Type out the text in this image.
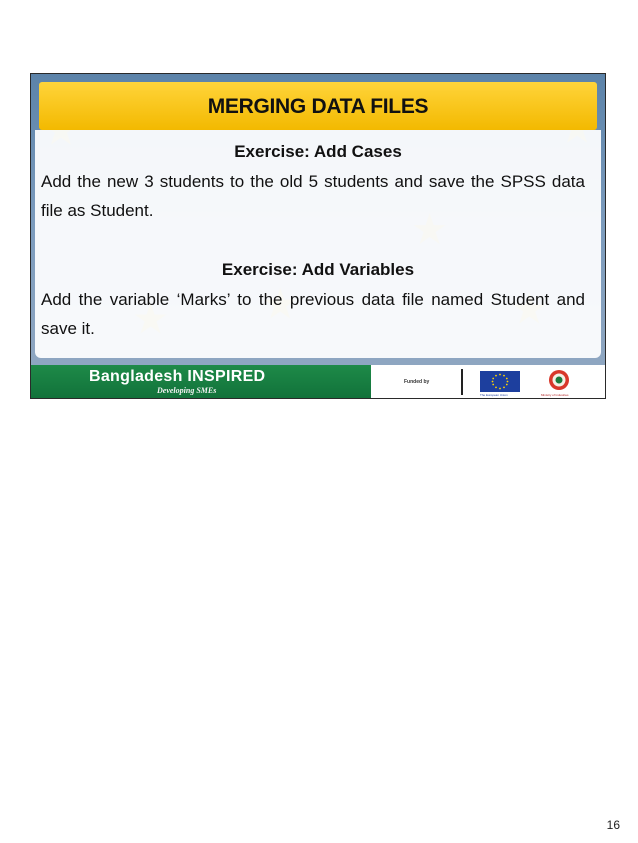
MERGING DATA FILES
Exercise: Add Cases
Add the new 3 students to the old 5 students and save the SPSS data file as Student.
Exercise: Add Variables
Add the variable ‘Marks’ to the previous data file named Student and save it.
Bangladesh INSPIRED
Developing SMEs
Funded by
The European Union	Ministry of Industries
16
